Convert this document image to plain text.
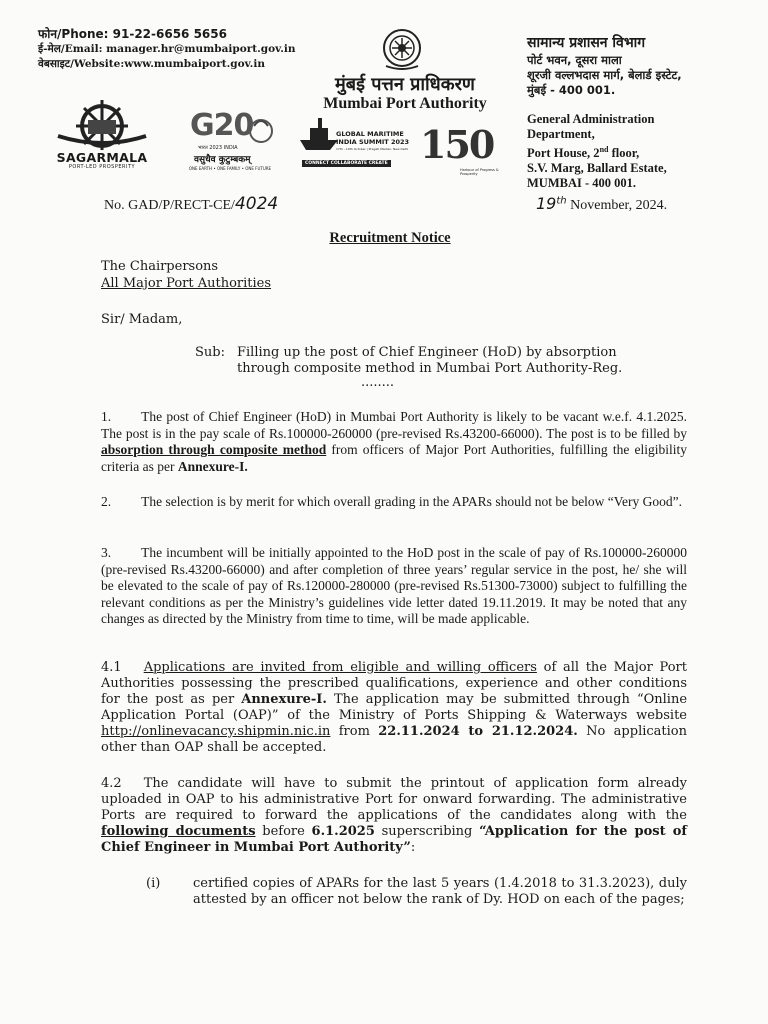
फोन/Phone: 91-22-6656 5656
ई-मेल/Email: manager.hr@mumbaiport.gov.in
वेबसाइट/Website:www.mumbaiport.gov.in
मुंबई पत्तन प्राधिकरण
Mumbai Port Authority
सामान्य प्रशासन विभाग
पोर्ट भवन, दूसरा माला
शूरजी वल्लभदास मार्ग, बेलार्ड इस्टेट,
मुंबई - 400 001.
General Administration
Department,
Port House, 2nd floor,
S.V. Marg, Ballard Estate,
MUMBAI - 400 001.
SAGARMALA
PORT-LED PROSPERITY
G20
भारत 2023 INDIA
वसुधैव कुटुम्बकम्
ONE EARTH • ONE FAMILY • ONE FUTURE
GLOBAL MARITIME
INDIA SUMMIT 2023
17th - 19th October | Pragati Maidan, New Delhi
CONNECT COLLABORATE CREATE 150
Harbour of Progress & Prosperity
No. GAD/P/RECT-CE/4024	19th November, 2024.
Recruitment Notice
The Chairpersons
All Major Port Authorities
Sir/ Madam,
Sub: Filling up the post of Chief Engineer (HoD) by absorption
through composite method in Mumbai Port Authority-Reg.
........
1. The post of Chief Engineer (HoD) in Mumbai Port Authority is likely to be vacant w.e.f. 4.1.2025. The post is in the pay scale of Rs.100000-260000 (pre-revised Rs.43200-66000). The post is to be filled by absorption through composite method from officers of Major Port Authorities, fulfilling the eligibility criteria as per Annexure-I.
2. The selection is by merit for which overall grading in the APARs should not be below “Very Good”.
3. The incumbent will be initially appointed to the HoD post in the scale of pay of Rs.100000-260000 (pre-revised Rs.43200-66000) and after completion of three years’ regular service in the post, he/ she will be elevated to the scale of pay of Rs.120000-280000 (pre-revised Rs.51300-73000) subject to fulfilling the relevant conditions as per the Ministry’s guidelines vide letter dated 19.11.2019. It may be noted that any changes as directed by the Ministry from time to time, will be made applicable.
4.1 Applications are invited from eligible and willing officers of all the Major Port Authorities possessing the prescribed qualifications, experience and other conditions for the post as per Annexure-I. The application may be submitted through “Online Application Portal (OAP)” of the Ministry of Ports Shipping & Waterways website http://onlinevacancy.shipmin.nic.in from 22.11.2024 to 21.12.2024. No application other than OAP shall be accepted.
4.2 The candidate will have to submit the printout of application form already uploaded in OAP to his administrative Port for onward forwarding. The administrative Ports are required to forward the applications of the candidates along with the following documents before 6.1.2025 superscribing “Application for the post of Chief Engineer in Mumbai Port Authority”:
(i)	certified copies of APARs for the last 5 years (1.4.2018 to 31.3.2023), duly attested by an officer not below the rank of Dy. HOD on each of the pages;
